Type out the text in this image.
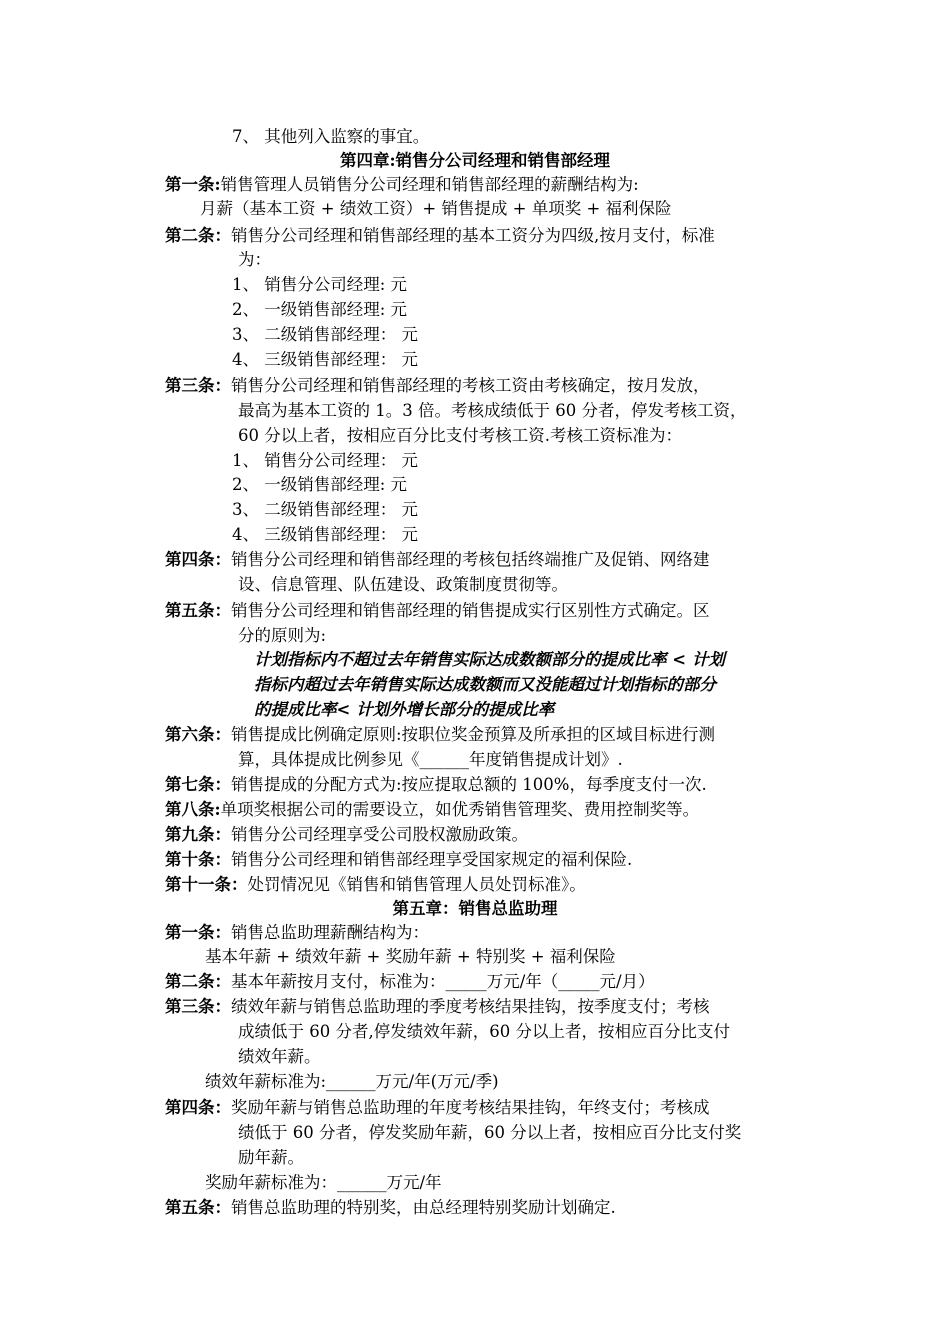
7、 其他列入监察的事宜。
第四章:销售分公司经理和销售部经理
第一条:销售管理人员销售分公司经理和销售部经理的薪酬结构为:
月薪（基本工资 + 绩效工资）+ 销售提成 + 单项奖 + 福利保险
第二条：销售分公司经理和销售部经理的基本工资分为四级,按月支付，标准
为：
1、 销售分公司经理: 元
2、 一级销售部经理: 元
3、 二级销售部经理： 元
4、 三级销售部经理： 元
第三条：销售分公司经理和销售部经理的考核工资由考核确定，按月发放，
最高为基本工资的 1。3 倍。考核成绩低于 60 分者，停发考核工资，
60 分以上者，按相应百分比支付考核工资.考核工资标准为：
1、 销售分公司经理： 元
2、 一级销售部经理: 元
3、 二级销售部经理： 元
4、 三级销售部经理： 元
第四条：销售分公司经理和销售部经理的考核包括终端推广及促销、网络建
设、信息管理、队伍建设、政策制度贯彻等。
第五条：销售分公司经理和销售部经理的销售提成实行区别性方式确定。区
分的原则为:
计划指标内不超过去年销售实际达成数额部分的提成比率 < 计划
指标内超过去年销售实际达成数额而又没能超过计划指标的部分
的提成比率< 计划外增长部分的提成比率
第六条：销售提成比例确定原则:按职位奖金预算及所承担的区域目标进行测
算，具体提成比例参见《______年度销售提成计划》.
第七条：销售提成的分配方式为:按应提取总额的 100%，每季度支付一次.
第八条:单项奖根据公司的需要设立，如优秀销售管理奖、费用控制奖等。
第九条：销售分公司经理享受公司股权激励政策。
第十条：销售分公司经理和销售部经理享受国家规定的福利保险.
第十一条：处罚情况见《销售和销售管理人员处罚标准》。
第五章：销售总监助理
第一条：销售总监助理薪酬结构为：
基本年薪 + 绩效年薪 + 奖励年薪 + 特别奖 + 福利保险
第二条：基本年薪按月支付，标准为：_____万元/年（_____元/月）
第三条：绩效年薪与销售总监助理的季度考核结果挂钩，按季度支付；考核
成绩低于 60 分者,停发绩效年薪，60 分以上者，按相应百分比支付
绩效年薪。
绩效年薪标准为:______万元/年(万元/季)
第四条：奖励年薪与销售总监助理的年度考核结果挂钩，年终支付；考核成
绩低于 60 分者，停发奖励年薪，60 分以上者，按相应百分比支付奖
励年薪。
奖励年薪标准为：______万元/年
第五条：销售总监助理的特别奖，由总经理特别奖励计划确定.
